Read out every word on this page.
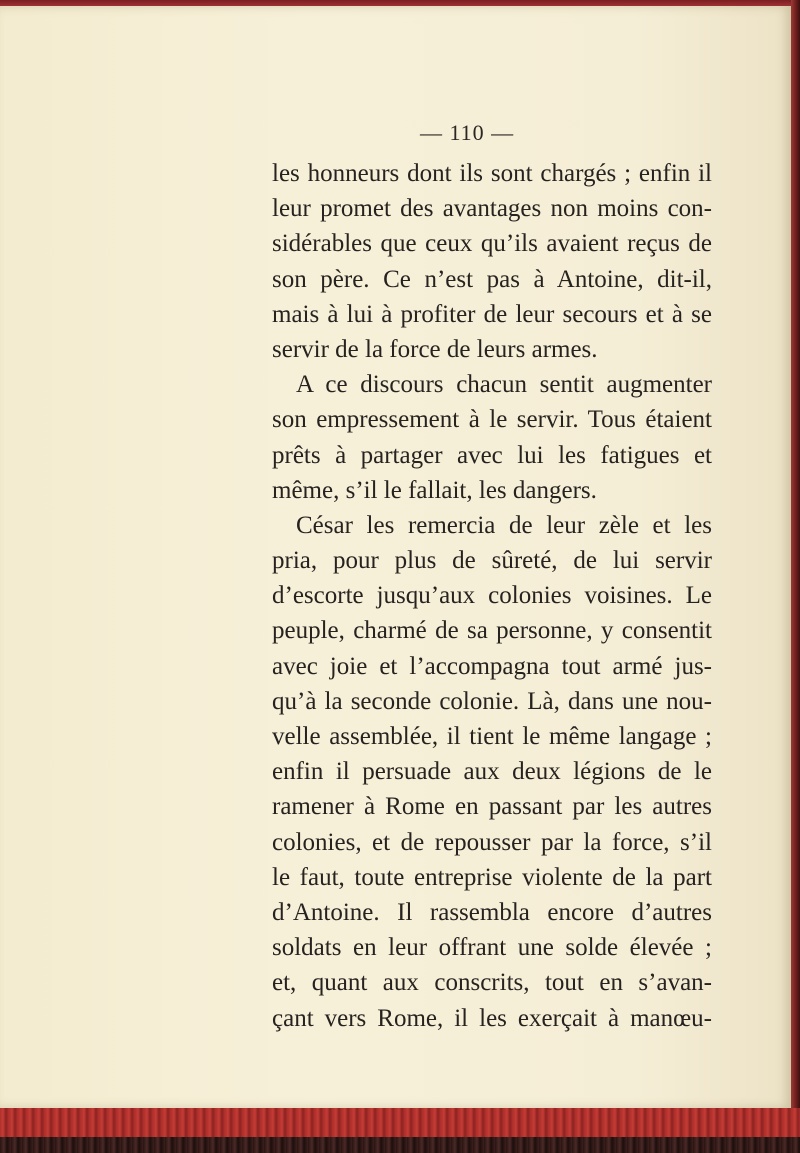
— 110 —
les honneurs dont ils sont chargés ; enfin il
leur promet des avantages non moins con-
sidérables que ceux qu’ils avaient reçus de
son père. Ce n’est pas à Antoine, dit-il,
mais à lui à profiter de leur secours et à se
servir de la force de leurs armes.
A ce discours chacun sentit augmenter
son empressement à le servir. Tous étaient
prêts à partager avec lui les fatigues et
même, s’il le fallait, les dangers.
César les remercia de leur zèle et les
pria, pour plus de sûreté, de lui servir
d’escorte jusqu’aux colonies voisines. Le
peuple, charmé de sa personne, y consentit
avec joie et l’accompagna tout armé jus-
qu’à la seconde colonie. Là, dans une nou-
velle assemblée, il tient le même langage ;
enfin il persuade aux deux légions de le
ramener à Rome en passant par les autres
colonies, et de repousser par la force, s’il
le faut, toute entreprise violente de la part
d’Antoine. Il rassembla encore d’autres
soldats en leur offrant une solde élevée ;
et, quant aux conscrits, tout en s’avan-
çant vers Rome, il les exerçait à manœu-
